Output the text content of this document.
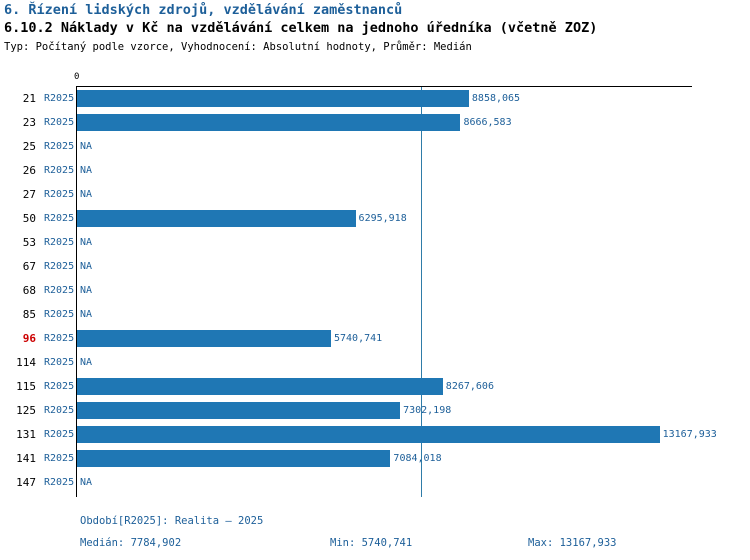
6. Řízení lidských zdrojů, vzdělávání zaměstnanců
6.10.2 Náklady v Kč na vzdělávání celkem na jednoho úředníka (včetně ZOZ)
Typ: Počítaný podle vzorce, Vyhodnocení: Absolutní hodnoty, Průměr: Medián
0
21 R2025	8858,065
23 R2025	8666,583
25 R2025 NA
26 R2025 NA
27 R2025 NA
50 R2025	6295,918
53 R2025 NA
67 R2025 NA
68 R2025 NA
85 R2025 NA
96 R2025	5740,741
114 R2025 NA
115 R2025	8267,606
125 R2025	7302,198
131 R2025	13167,933
141 R2025	7084,018
147 R2025 NA
Období[R2025]: Realita – 2025
Medián: 7784,902	Min: 5740,741	Max: 13167,933
